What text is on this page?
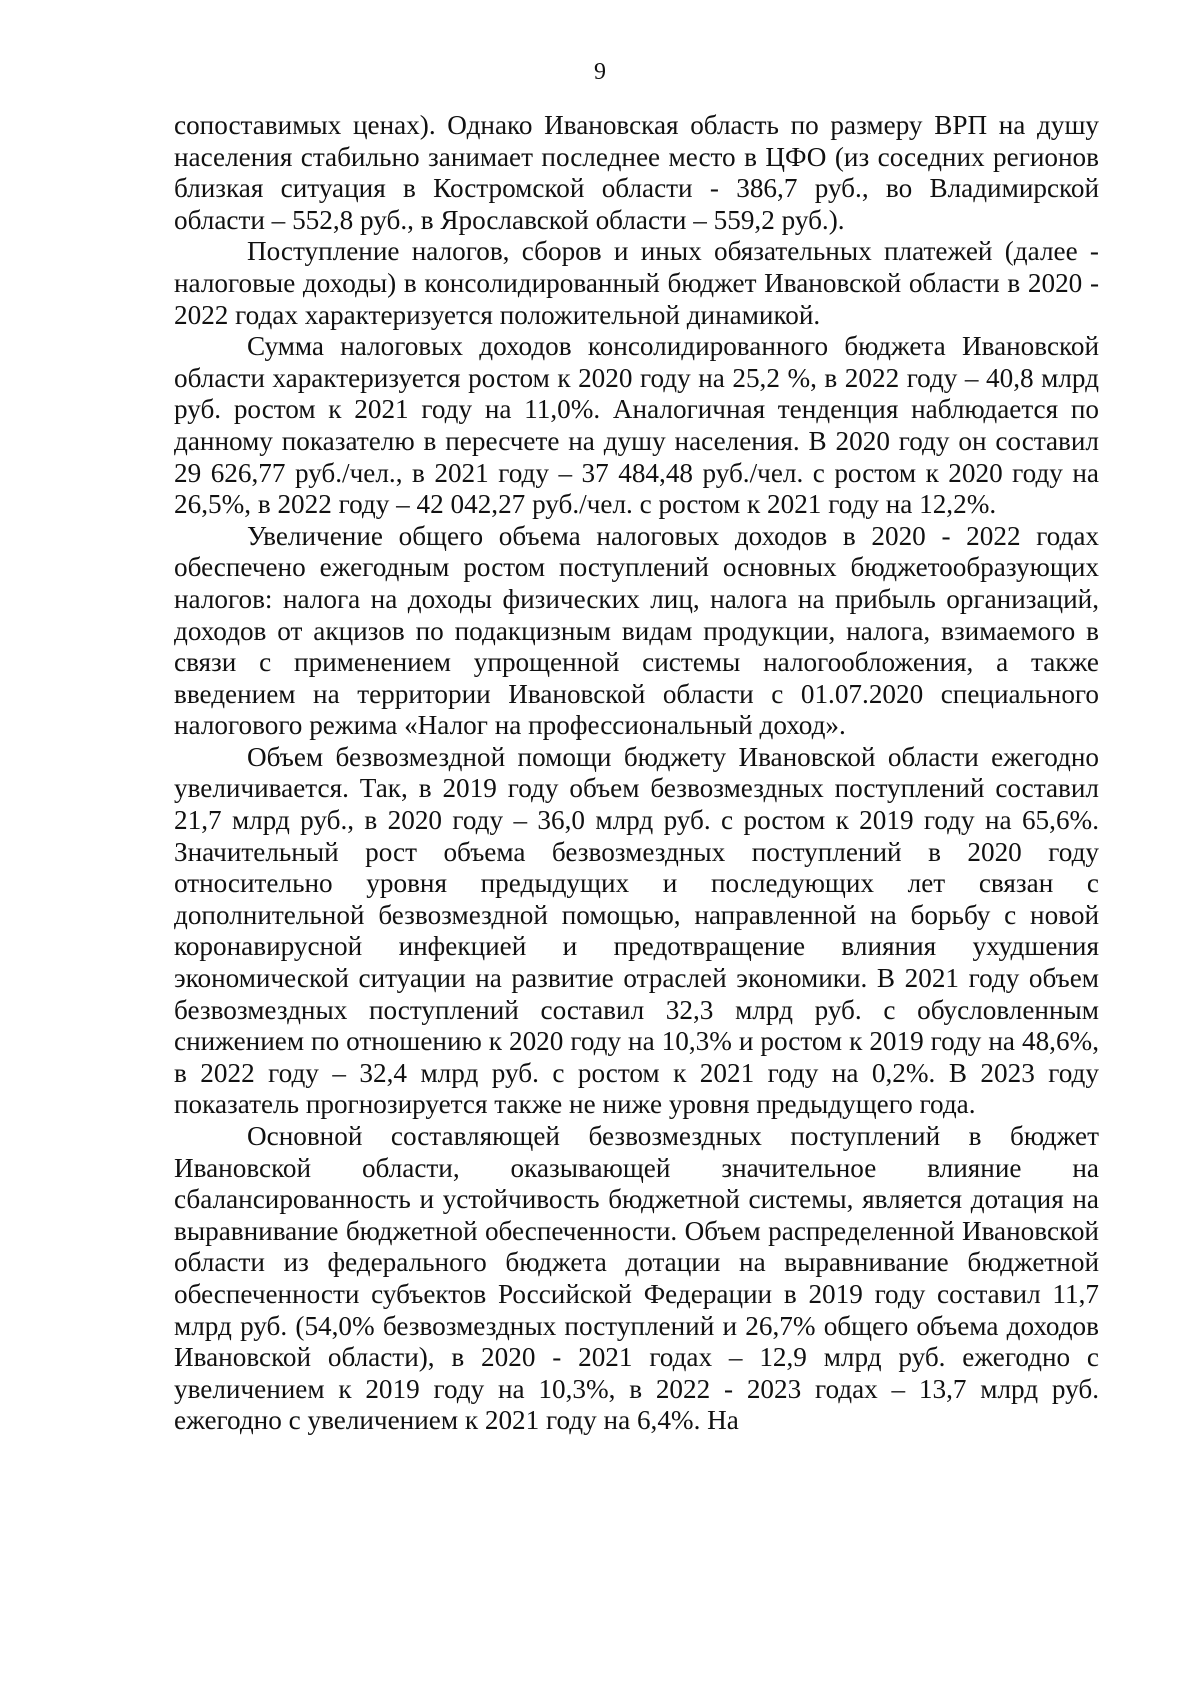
9

сопоставимых ценах). Однако Ивановская область по размеру ВРП на душу населения стабильно занимает последнее место в ЦФО (из соседних регионов близкая ситуация в Костромской области - 386,7 руб., во Владимирской области – 552,8 руб., в Ярославской области – 559,2 руб.).

Поступление налогов, сборов и иных обязательных платежей (далее - налоговые доходы) в консолидированный бюджет Ивановской области в 2020 - 2022 годах характеризуется положительной динамикой.

Сумма налоговых доходов консолидированного бюджета Ивановской области характеризуется ростом к 2020 году на 25,2 %, в 2022 году – 40,8 млрд руб. ростом к 2021 году на 11,0%. Аналогичная тенденция наблюдается по данному показателю в пересчете на душу населения. В 2020 году он составил 29 626,77 руб./чел., в 2021 году – 37 484,48 руб./чел. с ростом к 2020 году на 26,5%, в 2022 году – 42 042,27 руб./чел. с ростом к 2021 году на 12,2%.

Увеличение общего объема налоговых доходов в 2020 - 2022 годах обеспечено ежегодным ростом поступлений основных бюджетообразующих налогов: налога на доходы физических лиц, налога на прибыль организаций, доходов от акцизов по подакцизным видам продукции, налога, взимаемого в связи с применением упрощенной системы налогообложения, а также введением на территории Ивановской области с 01.07.2020 специального налогового режима «Налог на профессиональный доход».

Объем безвозмездной помощи бюджету Ивановской области ежегодно увеличивается. Так, в 2019 году объем безвозмездных поступлений составил 21,7 млрд руб., в 2020 году – 36,0 млрд руб. с ростом к 2019 году на 65,6%. Значительный рост объема безвозмездных поступлений в 2020 году относительно уровня предыдущих и последующих лет связан с дополнительной безвозмездной помощью, направленной на борьбу с новой коронавирусной инфекцией и предотвращение влияния ухудшения экономической ситуации на развитие отраслей экономики. В 2021 году объем безвозмездных поступлений составил 32,3 млрд руб. с обусловленным снижением по отношению к 2020 году на 10,3% и ростом к 2019 году на 48,6%, в 2022 году – 32,4 млрд руб. с ростом к 2021 году на 0,2%. В 2023 году показатель прогнозируется также не ниже уровня предыдущего года.

Основной составляющей безвозмездных поступлений в бюджет Ивановской области, оказывающей значительное влияние на сбалансированность и устойчивость бюджетной системы, является дотация на выравнивание бюджетной обеспеченности. Объем распределенной Ивановской области из федерального бюджета дотации на выравнивание бюджетной обеспеченности субъектов Российской Федерации в 2019 году составил 11,7 млрд руб. (54,0% безвозмездных поступлений и 26,7% общего объема доходов Ивановской области), в 2020 - 2021 годах – 12,9 млрд руб. ежегодно с увеличением к 2019 году на 10,3%, в 2022 - 2023 годах – 13,7 млрд руб. ежегодно с увеличением к 2021 году на 6,4%. На
